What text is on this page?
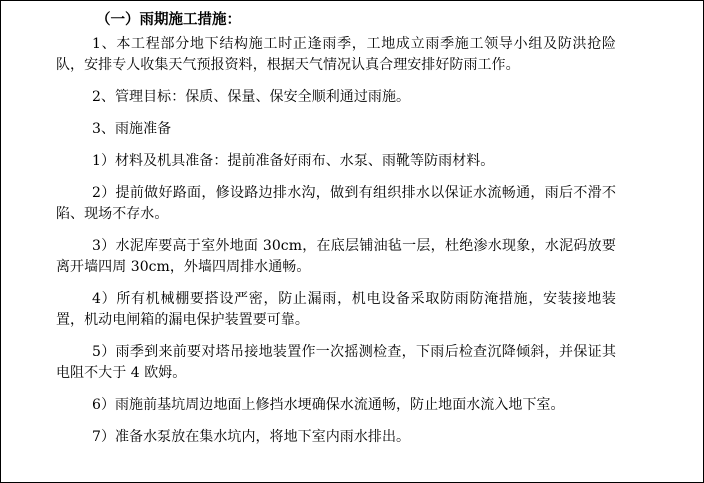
（一）雨期施工措施：

1、本工程部分地下结构施工时正逢雨季，工地成立雨季施工领导小组及防洪抢险队，安排专人收集天气预报资料，根据天气情况认真合理安排好防雨工作。

2、管理目标：保质、保量、保安全顺利通过雨施。

3、雨施准备

1）材料及机具准备：提前准备好雨布、水泵、雨靴等防雨材料。

2）提前做好路面，修设路边排水沟，做到有组织排水以保证水流畅通，雨后不滑不陷、现场不存水。

3）水泥库要高于室外地面 30cm，在底层铺油毡一层，杜绝渗水现象，水泥码放要离开墙四周 30cm，外墙四周排水通畅。

4）所有机械棚要搭设严密，防止漏雨，机电设备采取防雨防淹措施，安装接地装置，机动电闸箱的漏电保护装置要可靠。

5）雨季到来前要对塔吊接地装置作一次摇测检查，下雨后检查沉降倾斜，并保证其电阻不大于 4 欧姆。

6）雨施前基坑周边地面上修挡水埂确保水流通畅，防止地面水流入地下室。

7）准备水泵放在集水坑内，将地下室内雨水排出。
